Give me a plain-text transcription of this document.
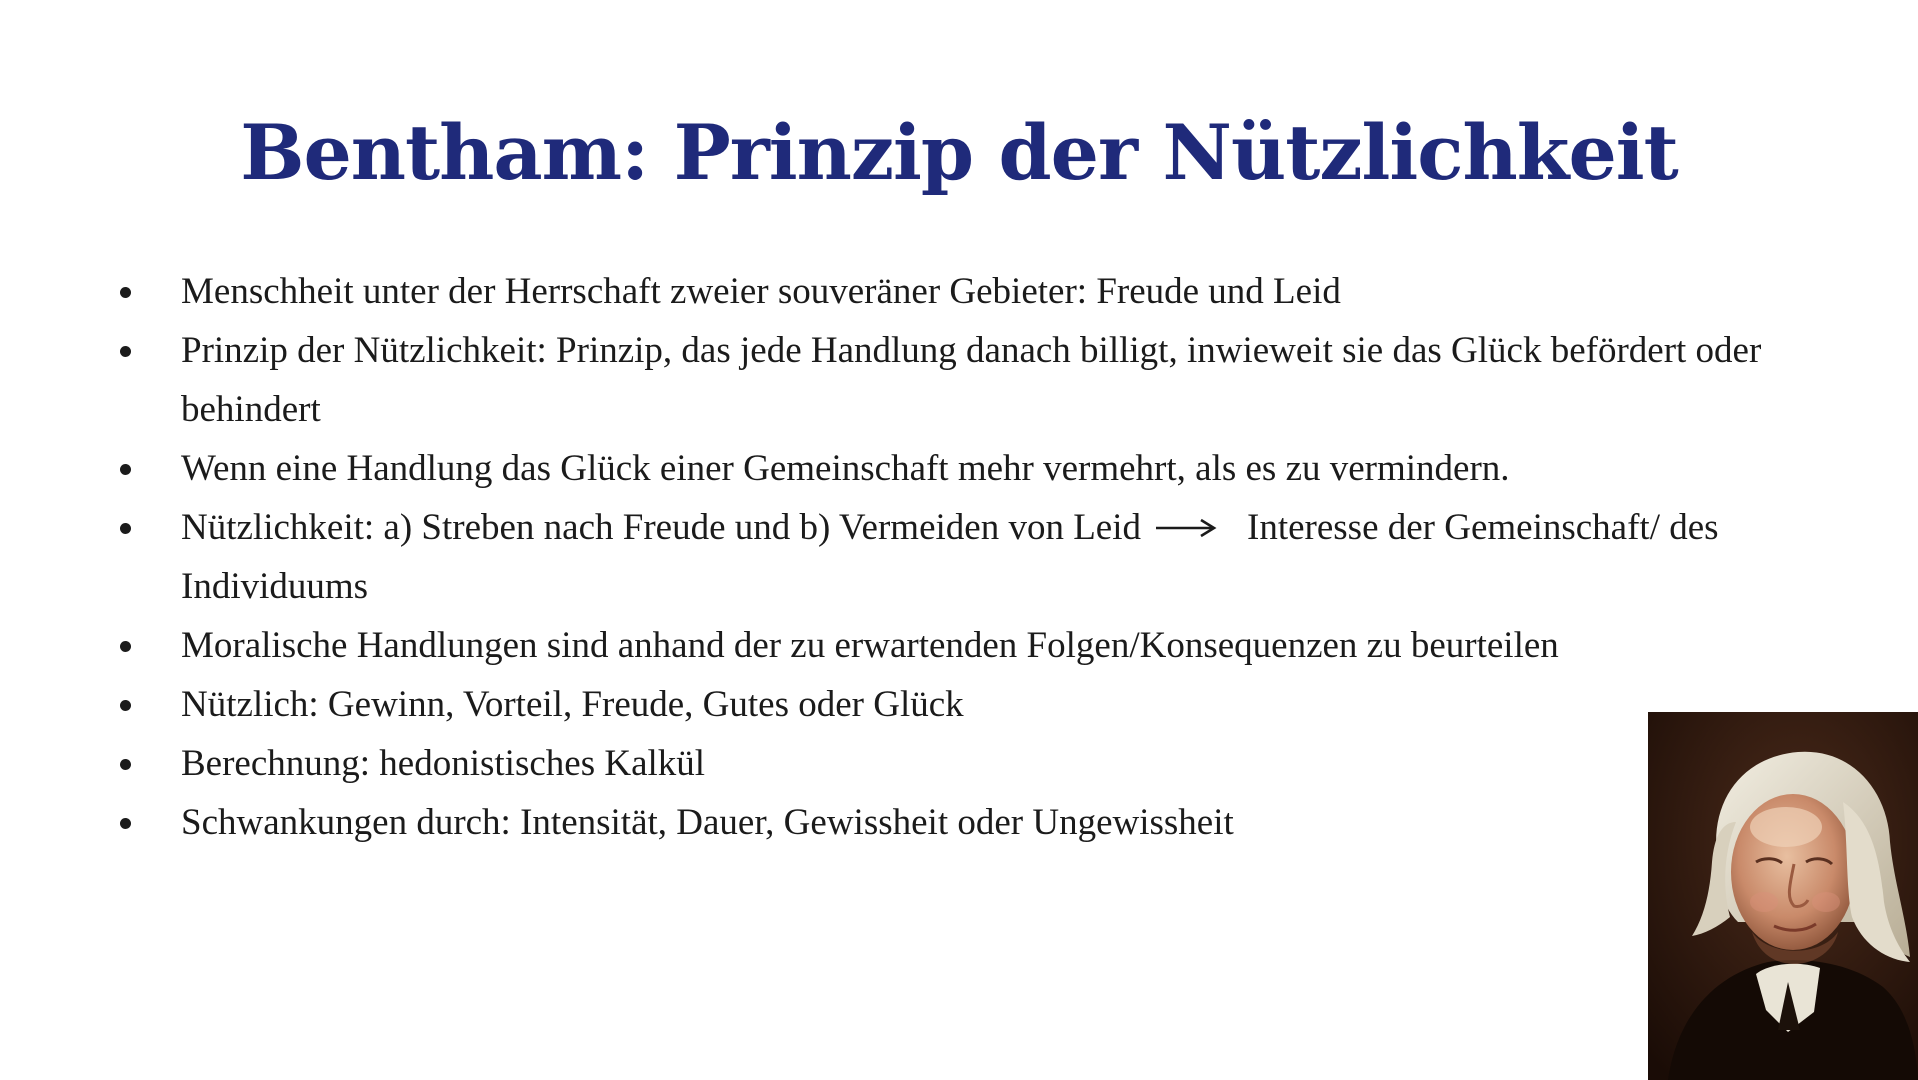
Bentham: Prinzip der Nützlichkeit
Menschheit unter der Herrschaft zweier souveräner Gebieter: Freude und Leid
Prinzip der Nützlichkeit: Prinzip, das jede Handlung danach billigt, inwieweit sie das Glück befördert oder behindert
Wenn eine Handlung das Glück einer Gemeinschaft mehr vermehrt, als es zu vermindern.
Nützlichkeit: a) Streben nach Freude und b) Vermeiden von Leid	Interesse der Gemeinschaft/ des Individuums
Moralische Handlungen sind anhand der zu erwartenden Folgen/Konsequenzen zu beurteilen
Nützlich: Gewinn, Vorteil, Freude, Gutes oder Glück
Berechnung: hedonistisches Kalkül
Schwankungen durch: Intensität, Dauer, Gewissheit oder Ungewissheit
